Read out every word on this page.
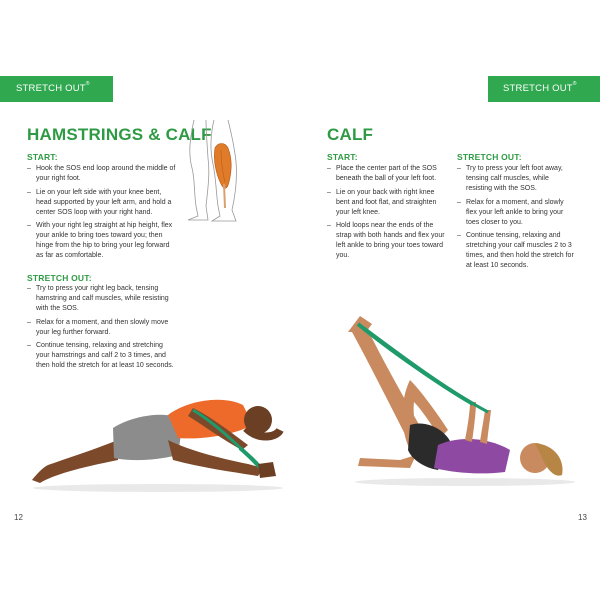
STRETCH OUT® STRAP
STRETCH OUT® STRAP
HAMSTRINGS & CALF
START:
– Hook the SOS end loop around the middle of your right foot.
– Lie on your left side with your knee bent, head supported by your left arm, and hold a center SOS loop with your right hand.
– With your right leg straight at hip height, flex your ankle to bring toes toward you; then hinge from the hip to bring your leg forward as far as comfortable.
STRETCH OUT:
– Try to press your right leg back, tensing hamstring and calf muscles, while resisting with the SOS.
– Relax for a moment, and then slowly move your leg further forward.
– Continue tensing, relaxing and stretching your hamstrings and calf 2 to 3 times, and then hold the stretch for at least 10 seconds.
12
CALF
START:
– Place the center part of the SOS beneath the ball of your left foot.
– Lie on your back with right knee bent and foot flat, and straighten your left knee.
– Hold loops near the ends of the strap with both hands and flex your left ankle to bring your toes toward you.
STRETCH OUT:
– Try to press your left foot away, tensing calf muscles, while resisting with the SOS.
– Relax for a moment, and slowly flex your left ankle to bring your toes closer to you.
– Continue tensing, relaxing and stretching your calf muscles 2 to 3 times, and then hold the stretch for at least 10 seconds.
13
